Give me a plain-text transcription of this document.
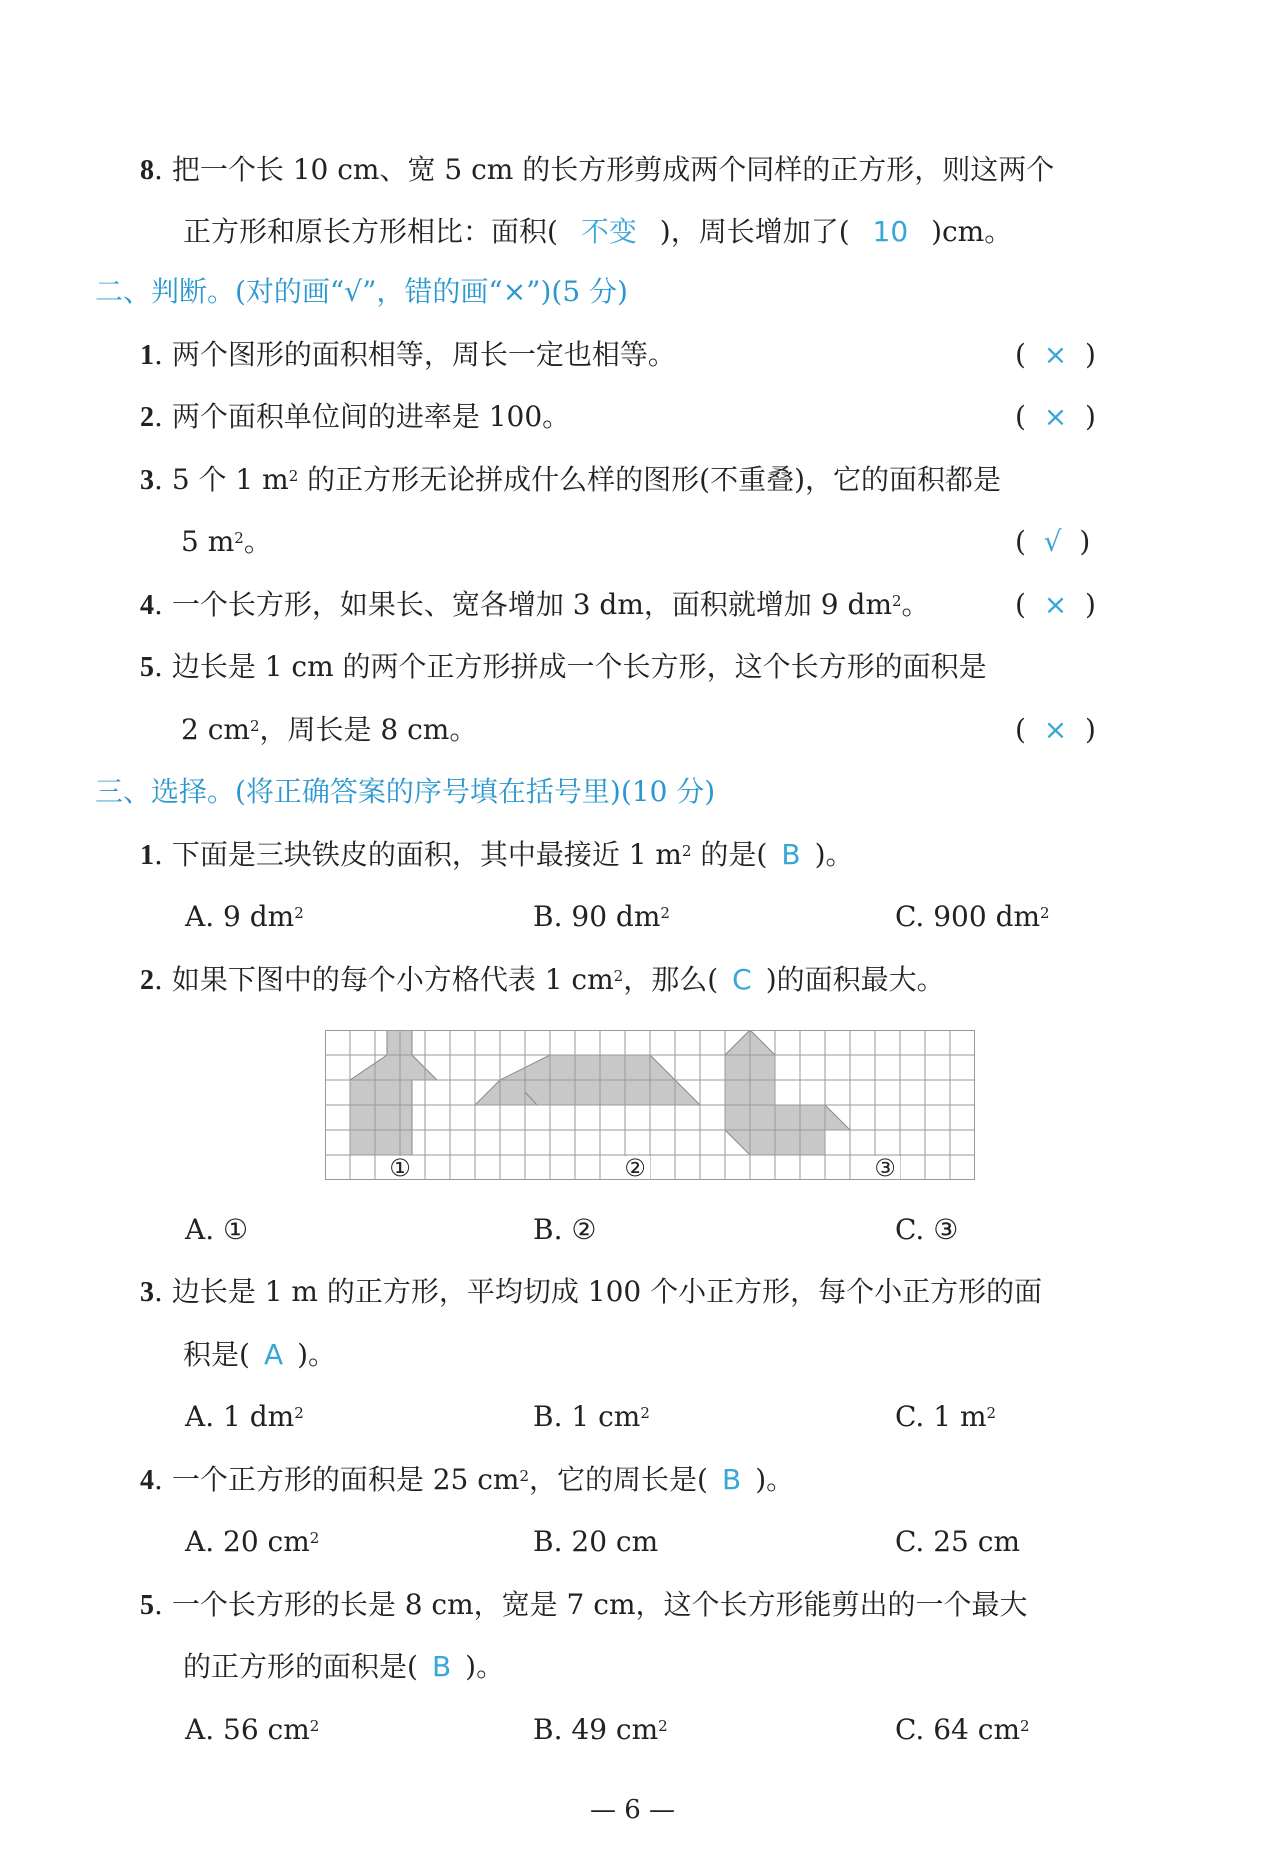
8. 把一个长 10 cm、宽 5 cm 的长方形剪成两个同样的正方形，则这两个
正方形和原长方形相比：面积( 不变 )，周长增加了( 10 )cm。
二、判断。(对的画“√”，错的画“×”)(5 分)
1. 两个图形的面积相等，周长一定也相等。	(  ×  )
2. 两个面积单位间的进率是 100。	(  ×  )
3. 5 个 1 $m^2$ 的正方形无论拼成什么样的图形(不重叠)，它的面积都是
5 $m^2$。	(  √  )
4. 一个长方形，如果长、宽各增加 3 dm，面积就增加 9 $dm^2$。	(  ×  )
5. 边长是 1 cm 的两个正方形拼成一个长方形，这个长方形的面积是
2 $cm^2$，周长是 8 cm。	(  ×  )
三、选择。(将正确答案的序号填在括号里)(10 分)
1. 下面是三块铁皮的面积，其中最接近 1 $m^2$ 的是( B )。
A. 9 $dm^2$	B. 90 $dm^2$	C. 900 $dm^2$
2. 如果下图中的每个小方格代表 1 $cm^2$，那么( C )的面积最大。
①	②	③
A. ①	B. ②	C. ③
3. 边长是 1 m 的正方形，平均切成 100 个小正方形，每个小正方形的面
积是( A )。
A. 1 $dm^2$	B. 1 $cm^2$	C. 1 $m^2$
4. 一个正方形的面积是 25 $cm^2$，它的周长是( B )。
A. 20 $cm^2$	B. 20 cm	C. 25 cm
5. 一个长方形的长是 8 cm，宽是 7 cm，这个长方形能剪出的一个最大
的正方形的面积是( B )。
A. 56 $cm^2$	B. 49 $cm^2$	C. 64 $cm^2$
— 6 —
